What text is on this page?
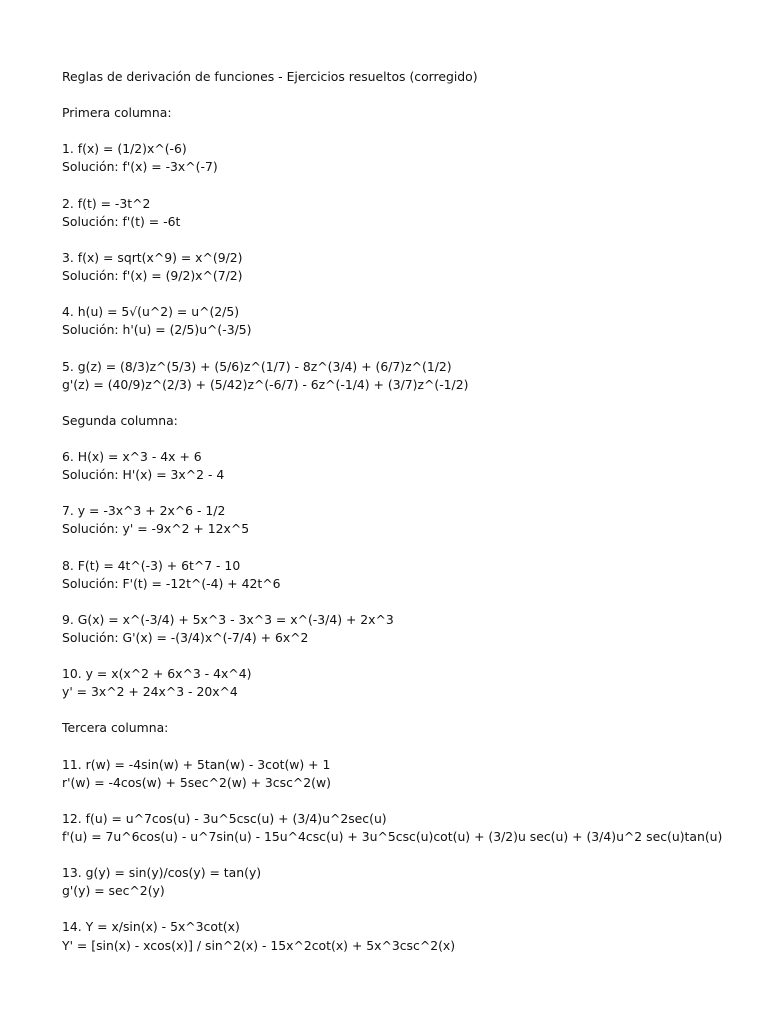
Reglas de derivación de funciones - Ejercicios resueltos (corregido)
Primera columna:
1. f(x) = (1/2)x^(-6)
Solución: f'(x) = -3x^(-7)
2. f(t) = -3t^2
Solución: f'(t) = -6t
3. f(x) = sqrt(x^9) = x^(9/2)
Solución: f'(x) = (9/2)x^(7/2)
4. h(u) = 5√(u^2) = u^(2/5)
Solución: h'(u) = (2/5)u^(-3/5)
5. g(z) = (8/3)z^(5/3) + (5/6)z^(1/7) - 8z^(3/4) + (6/7)z^(1/2)
g'(z) = (40/9)z^(2/3) + (5/42)z^(-6/7) - 6z^(-1/4) + (3/7)z^(-1/2)
Segunda columna:
6. H(x) = x^3 - 4x + 6
Solución: H'(x) = 3x^2 - 4
7. y = -3x^3 + 2x^6 - 1/2
Solución: y' = -9x^2 + 12x^5
8. F(t) = 4t^(-3) + 6t^7 - 10
Solución: F'(t) = -12t^(-4) + 42t^6
9. G(x) = x^(-3/4) + 5x^3 - 3x^3 = x^(-3/4) + 2x^3
Solución: G'(x) = -(3/4)x^(-7/4) + 6x^2
10. y = x(x^2 + 6x^3 - 4x^4)
y' = 3x^2 + 24x^3 - 20x^4
Tercera columna:
11. r(w) = -4sin(w) + 5tan(w) - 3cot(w) + 1
r'(w) = -4cos(w) + 5sec^2(w) + 3csc^2(w)
12. f(u) = u^7cos(u) - 3u^5csc(u) + (3/4)u^2sec(u)
f'(u) = 7u^6cos(u) - u^7sin(u) - 15u^4csc(u) + 3u^5csc(u)cot(u) + (3/2)u sec(u) + (3/4)u^2 sec(u)tan(u)
13. g(y) = sin(y)/cos(y) = tan(y)
g'(y) = sec^2(y)
14. Y = x/sin(x) - 5x^3cot(x)
Y' = [sin(x) - xcos(x)] / sin^2(x) - 15x^2cot(x) + 5x^3csc^2(x)
